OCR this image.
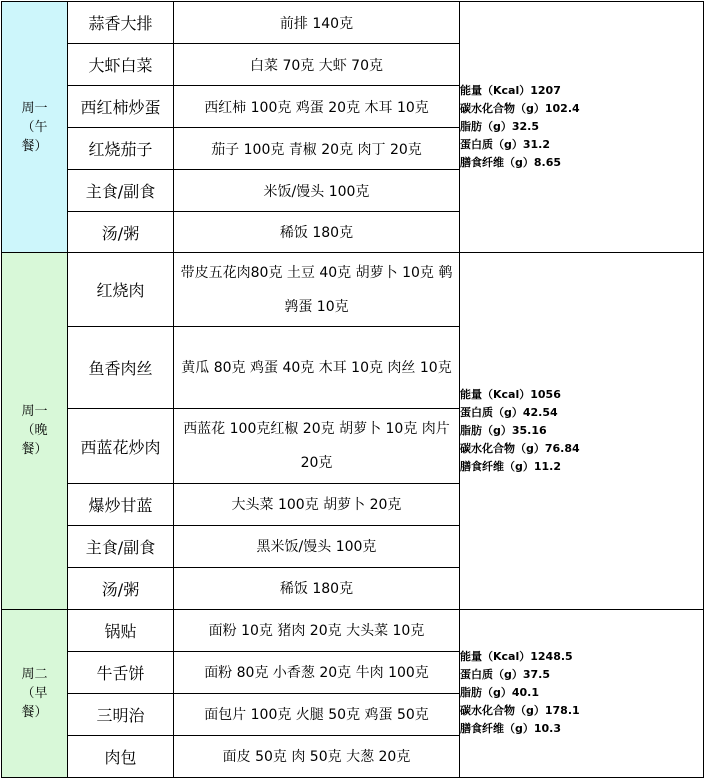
周一
（午
餐）	蒜香大排	前排 140克	能量（Kcal）1207
碳水化合物（g）102.4
脂肪（g）32.5
蛋白质（g）31.2
膳食纤维（g）8.65

	大虾白菜	白菜 70克 大虾 70克	
	西红柿炒蛋	西红柿 100克 鸡蛋 20克 木耳 10克	
	红烧茄子	茄子 100克 青椒 20克 肉丁 20克	
	主食/副食	米饭/馒头 100克	
	汤/粥	稀饭 180克	

周一
（晚
餐）	红烧肉	带皮五花肉80克 土豆 40克 胡萝卜 10克 鹌鹑蛋 10克	能量（Kcal）1056
蛋白质（g）42.54
脂肪（g）35.16
碳水化合物（g）76.84
膳食纤维（g）11.2

	鱼香肉丝	黄瓜 80克 鸡蛋 40克 木耳 10克 肉丝 10克	
	西蓝花炒肉	西蓝花 100克红椒 20克 胡萝卜 10克 肉片 20克	
	爆炒甘蓝	大头菜 100克 胡萝卜 20克	
	主食/副食	黑米饭/馒头 100克	
	汤/粥	稀饭 180克	

周二
（早
餐）	锅贴	面粉 10克 猪肉 20克 大头菜 10克	能量（Kcal）1248.5
蛋白质（g）37.5
脂肪（g）40.1
碳水化合物（g）178.1
膳食纤维（g）10.3

	牛舌饼	面粉 80克 小香葱 20克 牛肉 100克	
	三明治	面包片 100克 火腿 50克 鸡蛋 50克	
	肉包	面皮 50克 肉 50克 大葱 20克	
